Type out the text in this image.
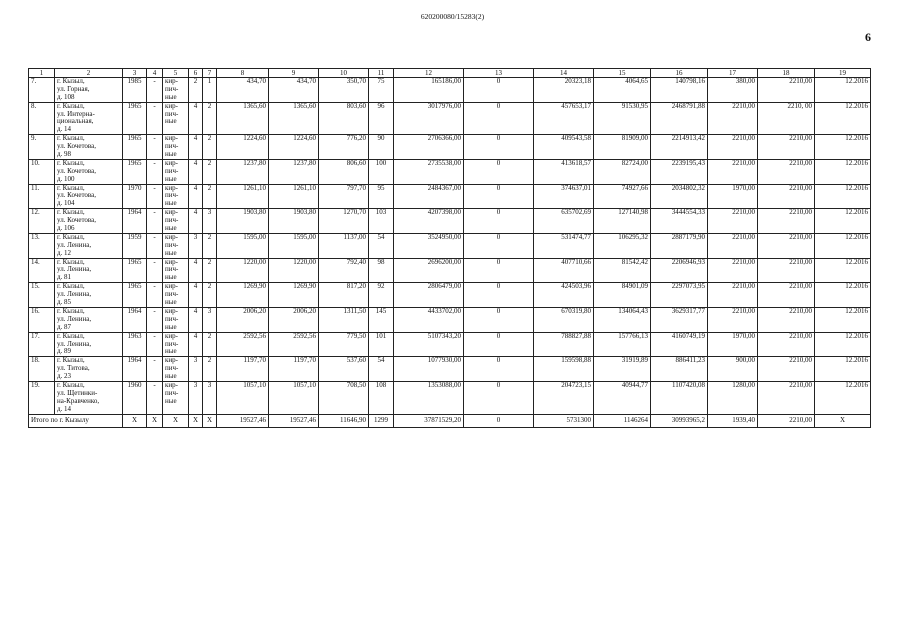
620200080/15283(2)
6
1	2	3	4	5	6	7	8	9	10	11	12	13	14	15	16	17	18	19
7.	г. Кызыл,
ул. Горная,
д. 108	1985	-	кир-
пич-
ные	2	1	434,70	434,70	350,70	75	165186,00	0	20323,18	4064,65	140798,16	380,00	2210,00	12.2016
8.	г. Кызыл,
ул. Интерна-
циональная,
д. 14	1965	-	кир-
пич-
ные	4	2	1365,60	1365,60	803,60	96	3017976,00	0	457653,17	91530,95	2468791,88	2210,00	2210, 00	12.2016
9.	г. Кызыл,
ул. Кочетова,
д. 98	1965	-	кир-
пич-
ные	4	2	1224,60	1224,60	776,20	90	2706366,00	0	409543,58	81909,00	2214913,42	2210,00	2210,00	12.2016
10.	г. Кызыл,
ул. Кочетова,
д. 100	1965	-	кир-
пич-
ные	4	2	1237,80	1237,80	806,60	100	2735538,00	0	413618,57	82724,00	2239195,43	2210,00	2210,00	12.2016
11.	г. Кызыл,
ул. Кочетова,
д. 104	1970	-	кир-
пич-
ные	4	2	1261,10	1261,10	797,70	95	2484367,00	0	374637,01	74927,66	2034802,32	1970,00	2210,00	12.2016
12.	г. Кызыл,
ул. Кочетова,
д. 106	1964	-	кир-
пич-
ные	4	3	1903,80	1903,80	1270,70	103	4207398,00	0	635702,69	127140,98	3444554,33	2210,00	2210,00	12.2016
13.	г. Кызыл,
ул. Ленина,
д. 12	1959	-	кир-
пич-
ные	3	2	1595,00	1595,00	1137,00	54	3524950,00	0	531474,77	106295,32	2887179,90	2210,00	2210,00	12.2016
14.	г. Кызыл,
ул. Ленина,
д. 81	1965	-	кир-
пич-
ные	4	2	1220,00	1220,00	792,40	98	2696200,00	0	407710,66	81542,42	2206946,93	2210,00	2210,00	12.2016
15.	г. Кызыл,
ул. Ленина,
д. 85	1965	-	кир-
пич-
ные	4	2	1269,90	1269,90	817,20	92	2806479,00	0	424503,96	84901,09	2297073,95	2210,00	2210,00	12.2016
16.	г. Кызыл,
ул. Ленина,
д. 87	1964	-	кир-
пич-
ные	4	3	2006,20	2006,20	1311,50	145	4433702,00	0	670319,80	134064,43	3629317,77	2210,00	2210,00	12.2016
17.	г. Кызыл,
ул. Ленина,
д. 89	1963	-	кир-
пич-
ные	4	2	2592,56	2592,56	779,50	101	5107343,20	0	788827,88	157766,13	4160749,19	1970,00	2210,00	12.2016
18.	г. Кызыл,
ул. Титова,
д. 23	1964	-	кир-
пич-
ные	3	2	1197,70	1197,70	537,60	54	1077930,00	0	159598,88	31919,89	886411,23	900,00	2210,00	12.2016
19.	г. Кызыл,
ул. Щетинки-
на-Кравченко,
д. 14	1960	-	кир-
пич-
ные	3	3	1057,10	1057,10	708,50	108	1353088,00	0	204723,15	40944,77	1107420,08	1280,00	2210,00	12.2016
Итого по г. Кызылу		X	X	X	X	X	19527,46	19527,46	11646,90	1299	37871529,20	0	5731300	1146264	30993965,2	1939,40	2210,00	X
